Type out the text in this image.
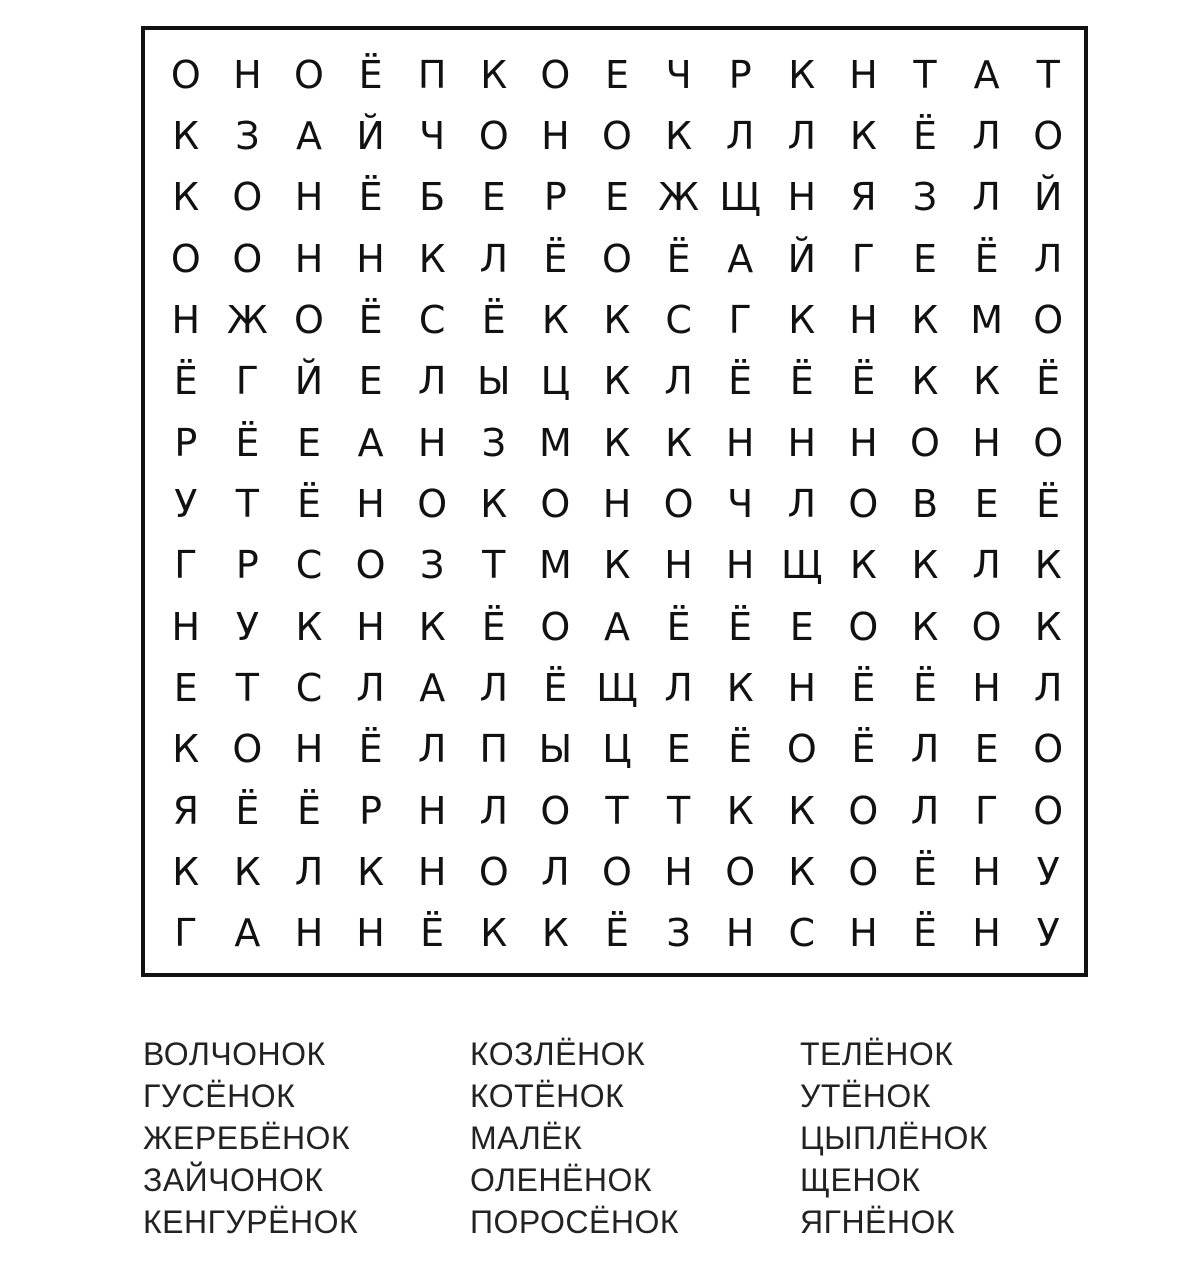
О Н О Ё П К О Е Ч Р К Н Т А Т
К З А Й Ч О Н О К Л Л К Ё Л О
К О Н Ё Б Е	Р	Е Ж Щ Н Я З Л Й
О О Н Н К Л Ё О Ё А Й Г	Е Ё Л
Н Ж О Ё С Ё К К С Г К Н К М О
Ё	Г Й Е Л Ы Ц К Л Ё Ё Ё К К Ё
Р	Ё Е А Н З М К К Н Н Н О Н О
У	Т Ё Н О К О Н О Ч Л О В Е Ё
Г	Р С О З Т М К Н Н Щ К К Л К
Н У К Н К Ё О А Ё Ё Е О К О К
Е Т С Л А Л Ё Щ Л К Н Ё Ё Н Л
К О Н Ё Л П Ы Ц Е Ё О Ё Л Е О
Я Ё Ё	Р Н Л О Т	Т К К О Л Г О
К К Л К Н О Л О Н О К О Ё Н У
Г А Н Н Ё К К Ё З Н С Н Ё Н У
ВОЛЧОНОК
ГУСЁНОК
ЖЕРЕБЁНОК
ЗАЙЧОНОК
КЕНГУРЁНОК
КОЗЛЁНОК
КОТЁНОК
МАЛЁК
ОЛЕНЁНОК
ПОРОСЁНОК
ТЕЛЁНОК
УТЁНОК
ЦЫПЛЁНОК
ЩЕНОК
ЯГНЁНОК
